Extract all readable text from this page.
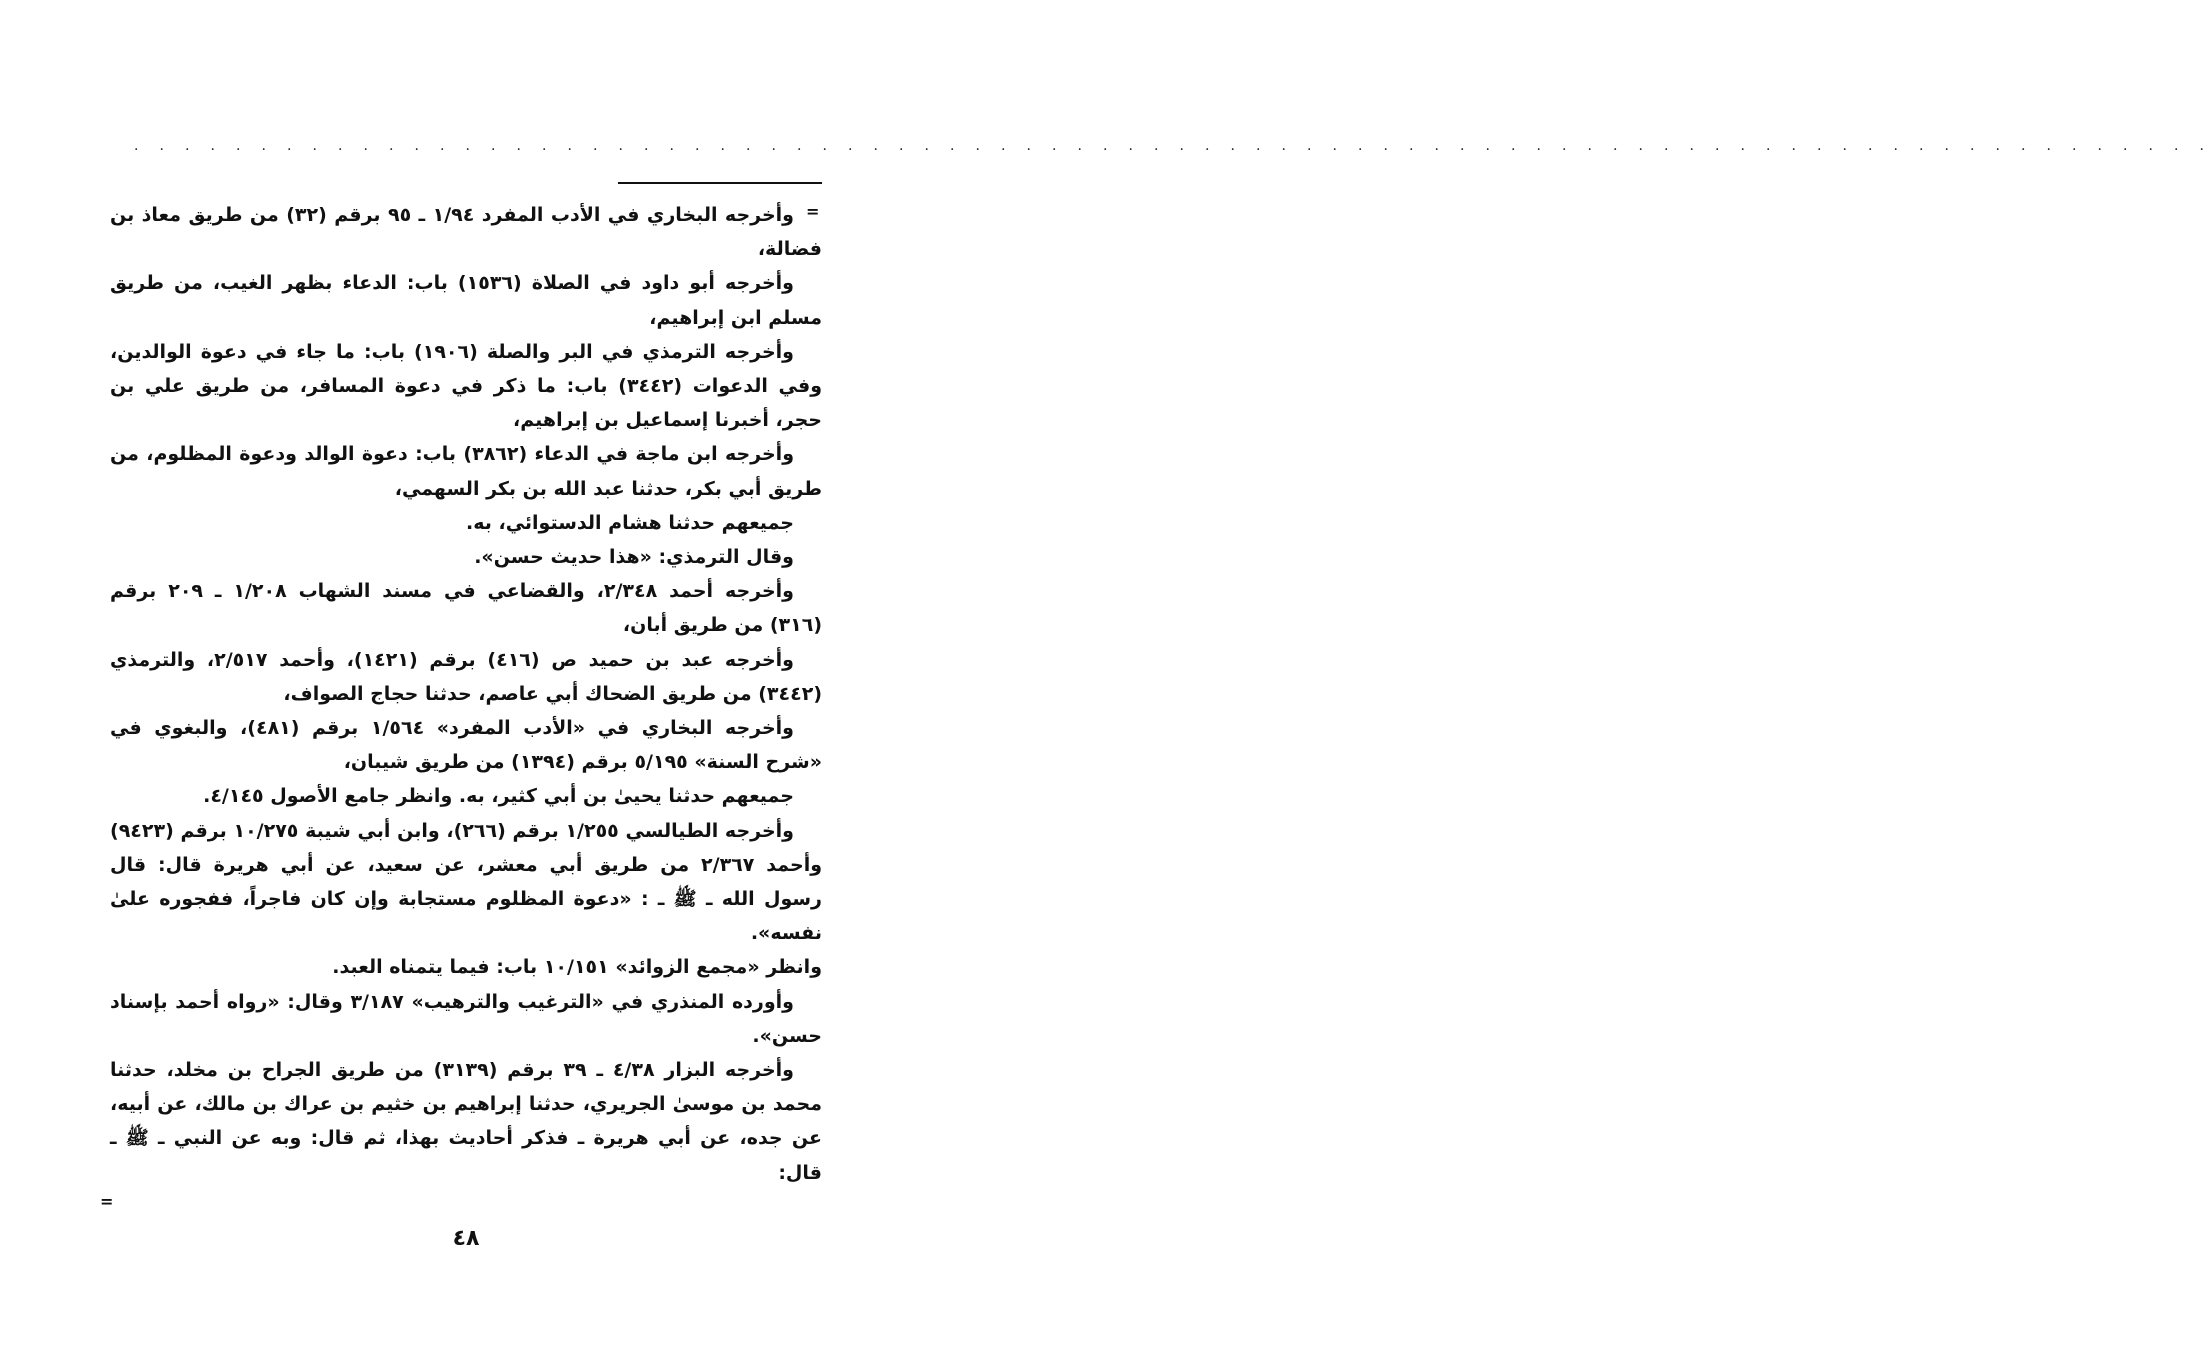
. . . . . . . . . . . . . . . . . . . . . . . . . . . . . . . . . . . . . . . . . . . . . . . . . . . . . . . . . . . . . . . . . . . . . . . . . . . . . . . . . .
=

وأخرجه البخاري في الأدب المفرد ١/٩٤ ـ ٩٥ برقم (٣٢) من طريق معاذ بن فضالة،

وأخرجه أبو داود في الصلاة (١٥٣٦) باب: الدعاء بظهر الغيب، من طريق مسلم ابن إبراهيم،

وأخرجه الترمذي في البر والصلة (١٩٠٦) باب: ما جاء في دعوة الوالدين، وفي الدعوات (٣٤٤٢) باب: ما ذكر في دعوة المسافر، من طريق علي بن حجر، أخبرنا إسماعيل بن إبراهيم،

وأخرجه ابن ماجة في الدعاء (٣٨٦٢) باب: دعوة الوالد ودعوة المظلوم، من طريق أبي بكر، حدثنا عبد الله بن بكر السهمي،

جميعهم حدثنا هشام الدستوائي، به.

وقال الترمذي: «هذا حديث حسن».

وأخرجه أحمد ٢/٣٤٨، والقضاعي في مسند الشهاب ١/٢٠٨ ـ ٢٠٩ برقم (٣١٦) من طريق أبان،

وأخرجه عبد بن حميد ص (٤١٦) برقم (١٤٢١)، وأحمد ٢/٥١٧، والترمذي (٣٤٤٢) من طريق الضحاك أبي عاصم، حدثنا حجاج الصواف،

وأخرجه البخاري في «الأدب المفرد» ١/٥٦٤ برقم (٤٨١)، والبغوي في «شرح السنة» ٥/١٩٥ برقم (١٣٩٤) من طريق شيبان،

جميعهم حدثنا يحيىٰ بن أبي كثير، به. وانظر جامع الأصول ٤/١٤٥.

وأخرجه الطيالسي ١/٢٥٥ برقم (٢٦٦)، وابن أبي شيبة ١٠/٢٧٥ برقم (٩٤٢٣) وأحمد ٢/٣٦٧ من طريق أبي معشر، عن سعيد، عن أبي هريرة قال: قال رسول الله ـ ﷺ ـ : «دعوة المظلوم مستجابة وإن كان فاجراً، ففجوره علىٰ نفسه».

وانظر «مجمع الزوائد» ١٠/١٥١ باب: فيما يتمناه العبد.

وأورده المنذري في «الترغيب والترهيب» ٣/١٨٧ وقال: «رواه أحمد بإسناد حسن».

وأخرجه البزار ٤/٣٨ ـ ٣٩ برقم (٣١٣٩) من طريق الجراح بن مخلد، حدثنا محمد بن موسىٰ الجريري، حدثنا إبراهيم بن خثيم بن عراك بن مالك، عن أبيه، عن جده، عن أبي هريرة ـ فذكر أحاديث بهذا، ثم قال: وبه عن النبي ـ ﷺ ـ قال:

=
٤٨
